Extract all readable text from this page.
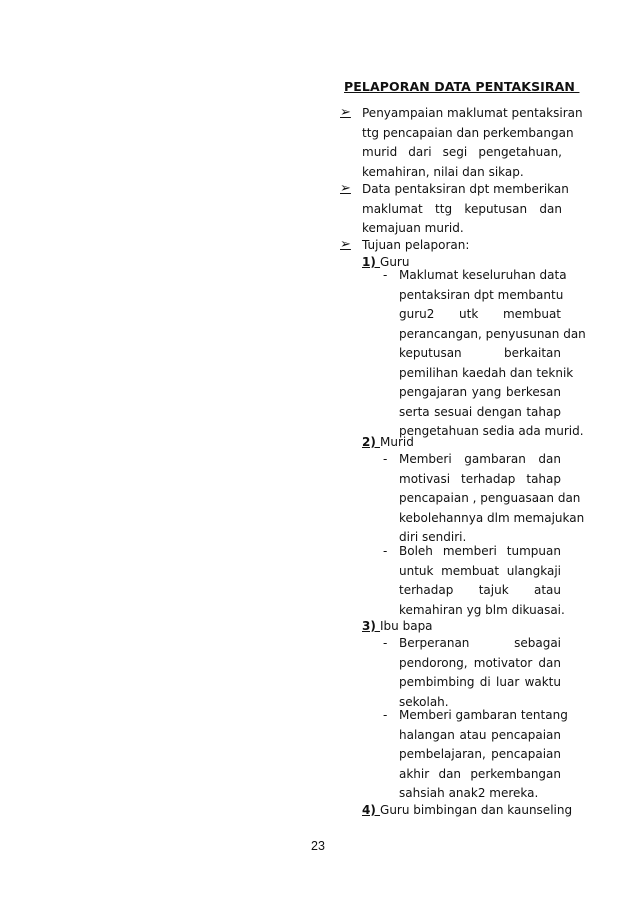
PELAPORAN DATA PENTAKSIRAN
➢ Penyampaian maklumat pentaksiran
ttg pencapaian dan perkembangan
murid dari segi pengetahuan,
kemahiran, nilai dan sikap.
➢ Data pentaksiran dpt memberikan
maklumat ttg keputusan dan
kemajuan murid.
➢ Tujuan pelaporan:
1) Guru
- Maklumat keseluruhan data
pentaksiran dpt membantu
guru2 utk membuat
perancangan, penyusunan dan
keputusan berkaitan
pemilihan kaedah dan teknik
pengajaran yang berkesan
serta sesuai dengan tahap
pengetahuan sedia ada murid.
2) Murid
- Memberi gambaran dan
motivasi terhadap tahap
pencapaian , penguasaan dan
kebolehannya dlm memajukan
diri sendiri.
- Boleh memberi tumpuan
untuk membuat ulangkaji
terhadap tajuk atau
kemahiran yg blm dikuasai.
3) Ibu bapa
- Berperanan sebagai
pendorong, motivator dan
pembimbing di luar waktu
sekolah.
- Memberi gambaran tentang
halangan atau pencapaian
pembelajaran, pencapaian
akhir dan perkembangan
sahsiah anak2 mereka.
4) Guru bimbingan dan kaunseling
23
